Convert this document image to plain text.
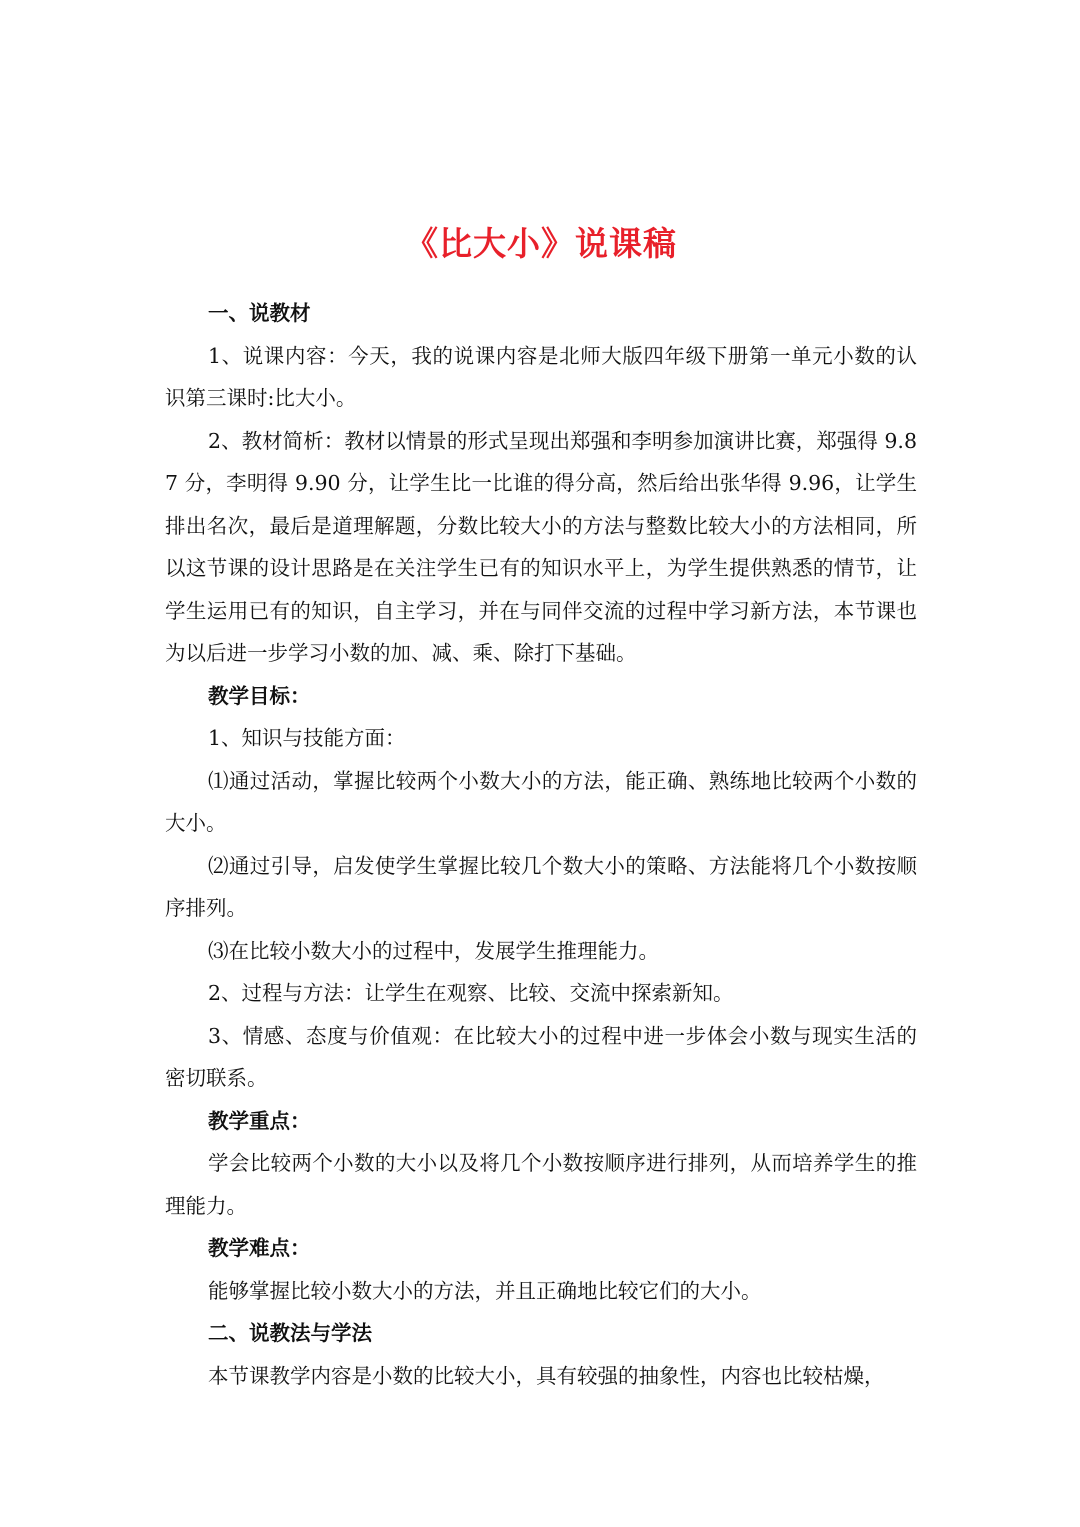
《比大小》说课稿

一、说教材

1、说课内容：今天，我的说课内容是北师大版四年级下册第一单元小数的认识第三课时:比大小。

2、教材简析：教材以情景的形式呈现出郑强和李明参加演讲比赛，郑强得 9.87 分，李明得 9.90 分，让学生比一比谁的得分高，然后给出张华得 9.96，让学生排出名次，最后是道理解题，分数比较大小的方法与整数比较大小的方法相同，所以这节课的设计思路是在关注学生已有的知识水平上，为学生提供熟悉的情节，让学生运用已有的知识，自主学习，并在与同伴交流的过程中学习新方法，本节课也为以后进一步学习小数的加、减、乘、除打下基础。

教学目标：

1、知识与技能方面：

⑴通过活动，掌握比较两个小数大小的方法，能正确、熟练地比较两个小数的大小。

⑵通过引导，启发使学生掌握比较几个数大小的策略、方法能将几个小数按顺序排列。

⑶在比较小数大小的过程中，发展学生推理能力。

2、过程与方法：让学生在观察、比较、交流中探索新知。

3、情感、态度与价值观：在比较大小的过程中进一步体会小数与现实生活的密切联系。

教学重点：

学会比较两个小数的大小以及将几个小数按顺序进行排列，从而培养学生的推理能力。

教学难点：

能够掌握比较小数大小的方法，并且正确地比较它们的大小。

二、说教法与学法

本节课教学内容是小数的比较大小，具有较强的抽象性，内容也比较枯燥，
